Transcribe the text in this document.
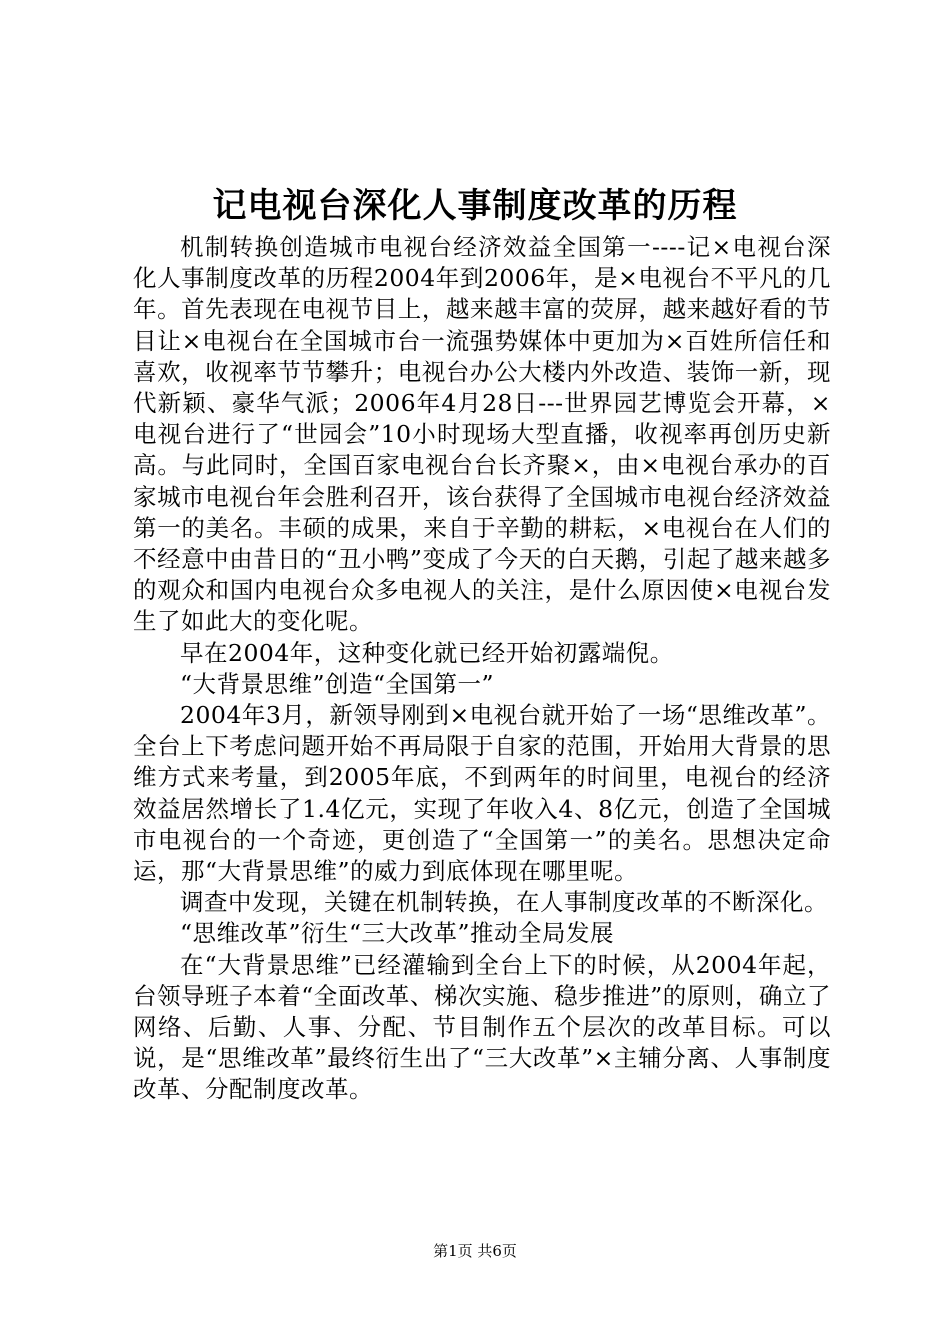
记电视台深化人事制度改革的历程

机制转换创造城市电视台经济效益全国第一----记×电视台深化人事制度改革的历程2004年到2006年，是×电视台不平凡的几年。首先表现在电视节目上，越来越丰富的荧屏，越来越好看的节目让×电视台在全国城市台一流强势媒体中更加为×百姓所信任和喜欢，收视率节节攀升；电视台办公大楼内外改造、装饰一新，现代新颖、豪华气派；2006年4月28日---世界园艺博览会开幕，×电视台进行了“世园会”10小时现场大型直播，收视率再创历史新高。与此同时，全国百家电视台台长齐聚×，由×电视台承办的百家城市电视台年会胜利召开，该台获得了全国城市电视台经济效益第一的美名。丰硕的成果，来自于辛勤的耕耘，×电视台在人们的不经意中由昔日的“丑小鸭”变成了今天的白天鹅，引起了越来越多的观众和国内电视台众多电视人的关注，是什么原因使×电视台发生了如此大的变化呢。

早在2004年，这种变化就已经开始初露端倪。

“大背景思维”创造“全国第一”

2004年3月，新领导刚到×电视台就开始了一场“思维改革”。全台上下考虑问题开始不再局限于自家的范围，开始用大背景的思维方式来考量，到2005年底，不到两年的时间里，电视台的经济效益居然增长了1.4亿元，实现了年收入4、8亿元，创造了全国城市电视台的一个奇迹，更创造了“全国第一”的美名。思想决定命运，那“大背景思维”的威力到底体现在哪里呢。

调查中发现，关键在机制转换，在人事制度改革的不断深化。

“思维改革”衍生“三大改革”推动全局发展

在“大背景思维”已经灌输到全台上下的时候，从2004年起，台领导班子本着“全面改革、梯次实施、稳步推进”的原则，确立了网络、后勤、人事、分配、节目制作五个层次的改革目标。可以说，是“思维改革”最终衍生出了“三大改革”×主辅分离、人事制度改革、分配制度改革。

第1页 共6页
